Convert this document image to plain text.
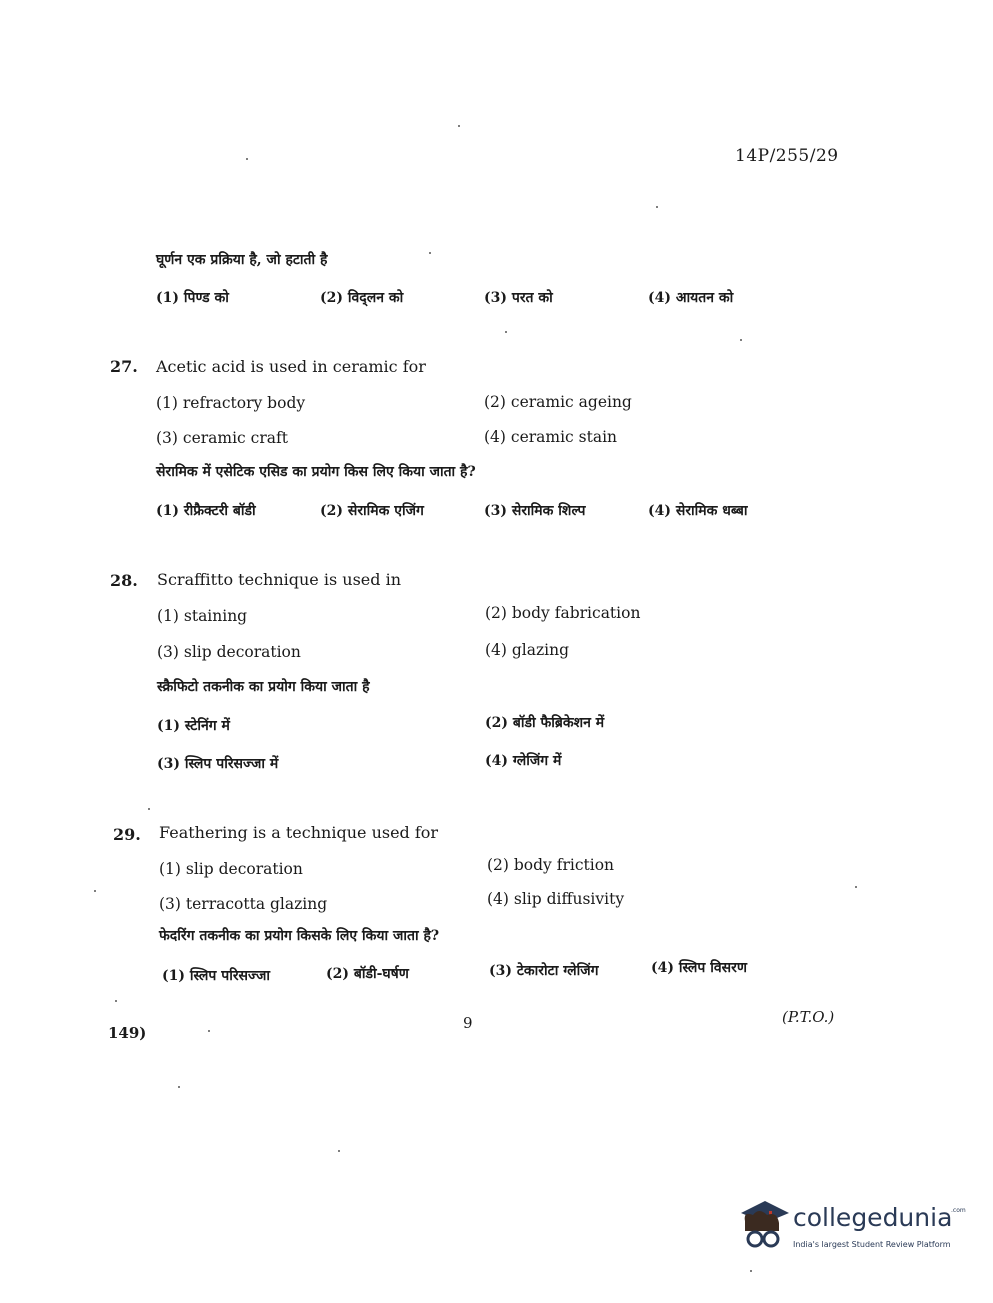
14P/255/29
घूर्णन एक प्रक्रिया है, जो हटाती है
(1) पिण्ड को	(2) विद्लन को	(3) परत को	(4) आयतन को
27. Acetic acid is used in ceramic for
(1) refractory body	(2) ceramic ageing
(3) ceramic craft	(4) ceramic stain
सेरामिक में एसेटिक एसिड का प्रयोग किस लिए किया जाता है?
(1) रीफ्रैक्टरी बॉडी	(2) सेरामिक एजिंग	(3) सेरामिक शिल्प	(4) सेरामिक धब्बा
28. Scraffitto technique is used in
(1) staining	(2) body fabrication
(3) slip decoration	(4) glazing
स्क्रैफिटो तकनीक का प्रयोग किया जाता है
(1) स्टेनिंग में	(2) बॉडी फैब्रिकेशन में
(3) स्लिप परिसज्जा में	(4) ग्लेजिंग में
29. Feathering is a technique used for
(1) slip decoration	(2) body friction
(3) terracotta glazing	(4) slip diffusivity
फेदरिंग तकनीक का प्रयोग किसके लिए किया जाता है?
(1) स्लिप परिसज्जा	(2) बॉडी-घर्षण	(3) टेकारोटा ग्लेजिंग	(4) स्लिप विसरण
149)
9	(P.T.O.)
collegedunia
.com
India's largest Student Review Platform
